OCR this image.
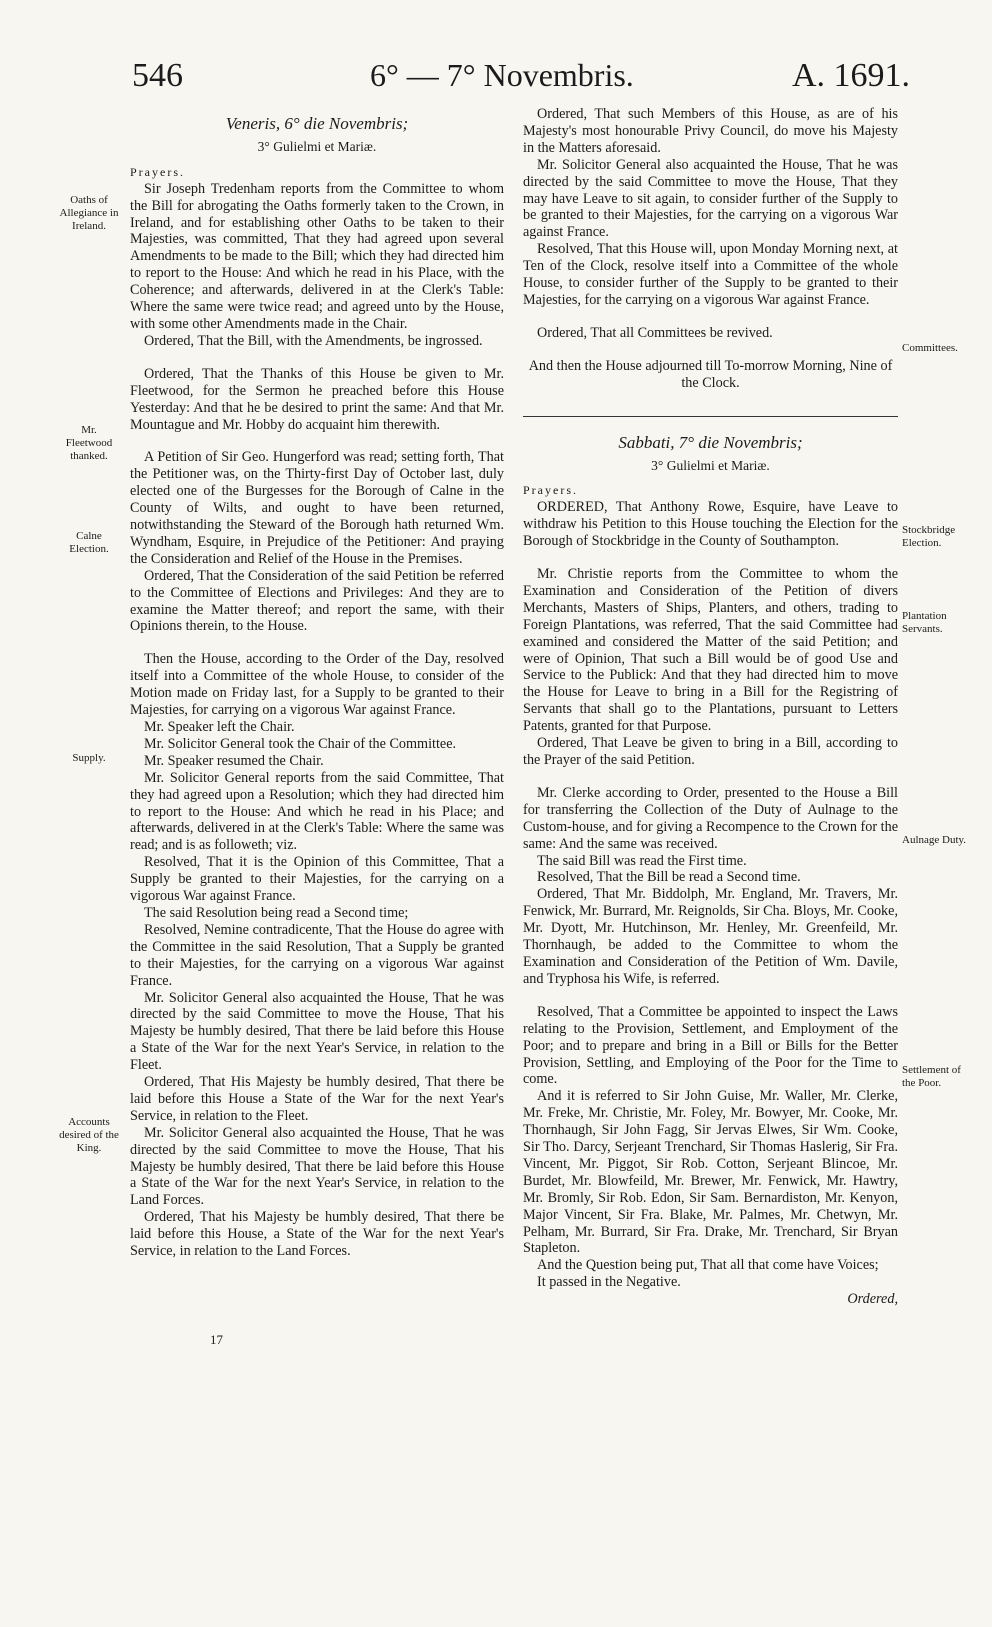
546	6° — 7° Novembris.	A. 1691.
Oaths of Allegiance in Ireland.
Mr. Fleetwood thanked.
Calne Election.
Supply.
Accounts desired of the King.
Committees.
Stockbridge Election.
Plantation Servants.
Aulnage Duty.
Settlement of the Poor.
Veneris, 6° die Novembris;
3° Gulielmi et Mariæ.

Prayers.

Sir Joseph Tredenham reports from the Committee to whom the Bill for abrogating the Oaths formerly taken to the Crown, in Ireland, and for establishing other Oaths to be taken to their Majesties, was committed, That they had agreed upon several Amendments to be made to the Bill; which they had directed him to report to the House: And which he read in his Place, with the Coherence; and afterwards, delivered in at the Clerk's Table: Where the same were twice read; and agreed unto by the House, with some other Amendments made in the Chair.

Ordered, That the Bill, with the Amendments, be ingrossed.

Ordered, That the Thanks of this House be given to Mr. Fleetwood, for the Sermon he preached before this House Yesterday: And that he be desired to print the same: And that Mr. Mountague and Mr. Hobby do acquaint him therewith.

A Petition of Sir Geo. Hungerford was read; setting forth, That the Petitioner was, on the Thirty-first Day of October last, duly elected one of the Burgesses for the Borough of Calne in the County of Wilts, and ought to have been returned, notwithstanding the Steward of the Borough hath returned Wm. Wyndham, Esquire, in Prejudice of the Petitioner: And praying the Consideration and Relief of the House in the Premises.

Ordered, That the Consideration of the said Petition be referred to the Committee of Elections and Privileges: And they are to examine the Matter thereof; and report the same, with their Opinions therein, to the House.

Then the House, according to the Order of the Day, resolved itself into a Committee of the whole House, to consider of the Motion made on Friday last, for a Supply to be granted to their Majesties, for carrying on a vigorous War against France.

Mr. Speaker left the Chair.

Mr. Solicitor General took the Chair of the Committee.

Mr. Speaker resumed the Chair.

Mr. Solicitor General reports from the said Committee, That they had agreed upon a Resolution; which they had directed him to report to the House: And which he read in his Place; and afterwards, delivered in at the Clerk's Table: Where the same was read; and is as followeth; viz.

Resolved, That it is the Opinion of this Committee, That a Supply be granted to their Majesties, for the carrying on a vigorous War against France.

The said Resolution being read a Second time;

Resolved, Nemine contradicente, That the House do agree with the Committee in the said Resolution, That a Supply be granted to their Majesties, for the carrying on a vigorous War against France.

Mr. Solicitor General also acquainted the House, That he was directed by the said Committee to move the House, That his Majesty be humbly desired, That there be laid before this House a State of the War for the next Year's Service, in relation to the Fleet.

Ordered, That His Majesty be humbly desired, That there be laid before this House a State of the War for the next Year's Service, in relation to the Fleet.

Mr. Solicitor General also acquainted the House, That he was directed by the said Committee to move the House, That his Majesty be humbly desired, That there be laid before this House a State of the War for the next Year's Service, in relation to the Land Forces.

Ordered, That his Majesty be humbly desired, That there be laid before this House, a State of the War for the next Year's Service, in relation to the Land Forces.

17

Ordered, That such Members of this House, as are of his Majesty's most honourable Privy Council, do move his Majesty in the Matters aforesaid.

Mr. Solicitor General also acquainted the House, That he was directed by the said Committee to move the House, That they may have Leave to sit again, to consider further of the Supply to be granted to their Majesties, for the carrying on a vigorous War against France.

Resolved, That this House will, upon Monday Morning next, at Ten of the Clock, resolve itself into a Committee of the whole House, to consider further of the Supply to be granted to their Majesties, for the carrying on a vigorous War against France.

Ordered, That all Committees be revived.

And then the House adjourned till To-morrow Morning, Nine of the Clock.

Sabbati, 7° die Novembris;
3° Gulielmi et Mariæ.

Prayers.

ORDERED, That Anthony Rowe, Esquire, have Leave to withdraw his Petition to this House touching the Election for the Borough of Stockbridge in the County of Southampton.

Mr. Christie reports from the Committee to whom the Examination and Consideration of the Petition of divers Merchants, Masters of Ships, Planters, and others, trading to Foreign Plantations, was referred, That the said Committee had examined and considered the Matter of the said Petition; and were of Opinion, That such a Bill would be of good Use and Service to the Publick: And that they had directed him to move the House for Leave to bring in a Bill for the Registring of Servants that shall go to the Plantations, pursuant to Letters Patents, granted for that Purpose.

Ordered, That Leave be given to bring in a Bill, according to the Prayer of the said Petition.

Mr. Clerke according to Order, presented to the House a Bill for transferring the Collection of the Duty of Aulnage to the Custom-house, and for giving a Recompence to the Crown for the same: And the same was received.

The said Bill was read the First time.

Resolved, That the Bill be read a Second time.

Ordered, That Mr. Biddolph, Mr. England, Mr. Travers, Mr. Fenwick, Mr. Burrard, Mr. Reignolds, Sir Cha. Bloys, Mr. Cooke, Mr. Dyott, Mr. Hutchinson, Mr. Henley, Mr. Greenfeild, Mr. Thornhaugh, be added to the Committee to whom the Examination and Consideration of the Petition of Wm. Davile, and Tryphosa his Wife, is referred.

Resolved, That a Committee be appointed to inspect the Laws relating to the Provision, Settlement, and Employment of the Poor; and to prepare and bring in a Bill or Bills for the Better Provision, Settling, and Employing of the Poor for the Time to come.

And it is referred to Sir John Guise, Mr. Waller, Mr. Clerke, Mr. Freke, Mr. Christie, Mr. Foley, Mr. Bowyer, Mr. Cooke, Mr. Thornhaugh, Sir John Fagg, Sir Jervas Elwes, Sir Wm. Cooke, Sir Tho. Darcy, Serjeant Trenchard, Sir Thomas Haslerig, Sir Fra. Vincent, Mr. Piggot, Sir Rob. Cotton, Serjeant Blincoe, Mr. Burdet, Mr. Blowfeild, Mr. Brewer, Mr. Fenwick, Mr. Hawtry, Mr. Bromly, Sir Rob. Edon, Sir Sam. Bernardiston, Mr. Kenyon, Major Vincent, Sir Fra. Blake, Mr. Palmes, Mr. Chetwyn, Mr. Pelham, Mr. Burrard, Sir Fra. Drake, Mr. Trenchard, Sir Bryan Stapleton.

And the Question being put, That all that come have Voices;

It passed in the Negative.

Ordered,
